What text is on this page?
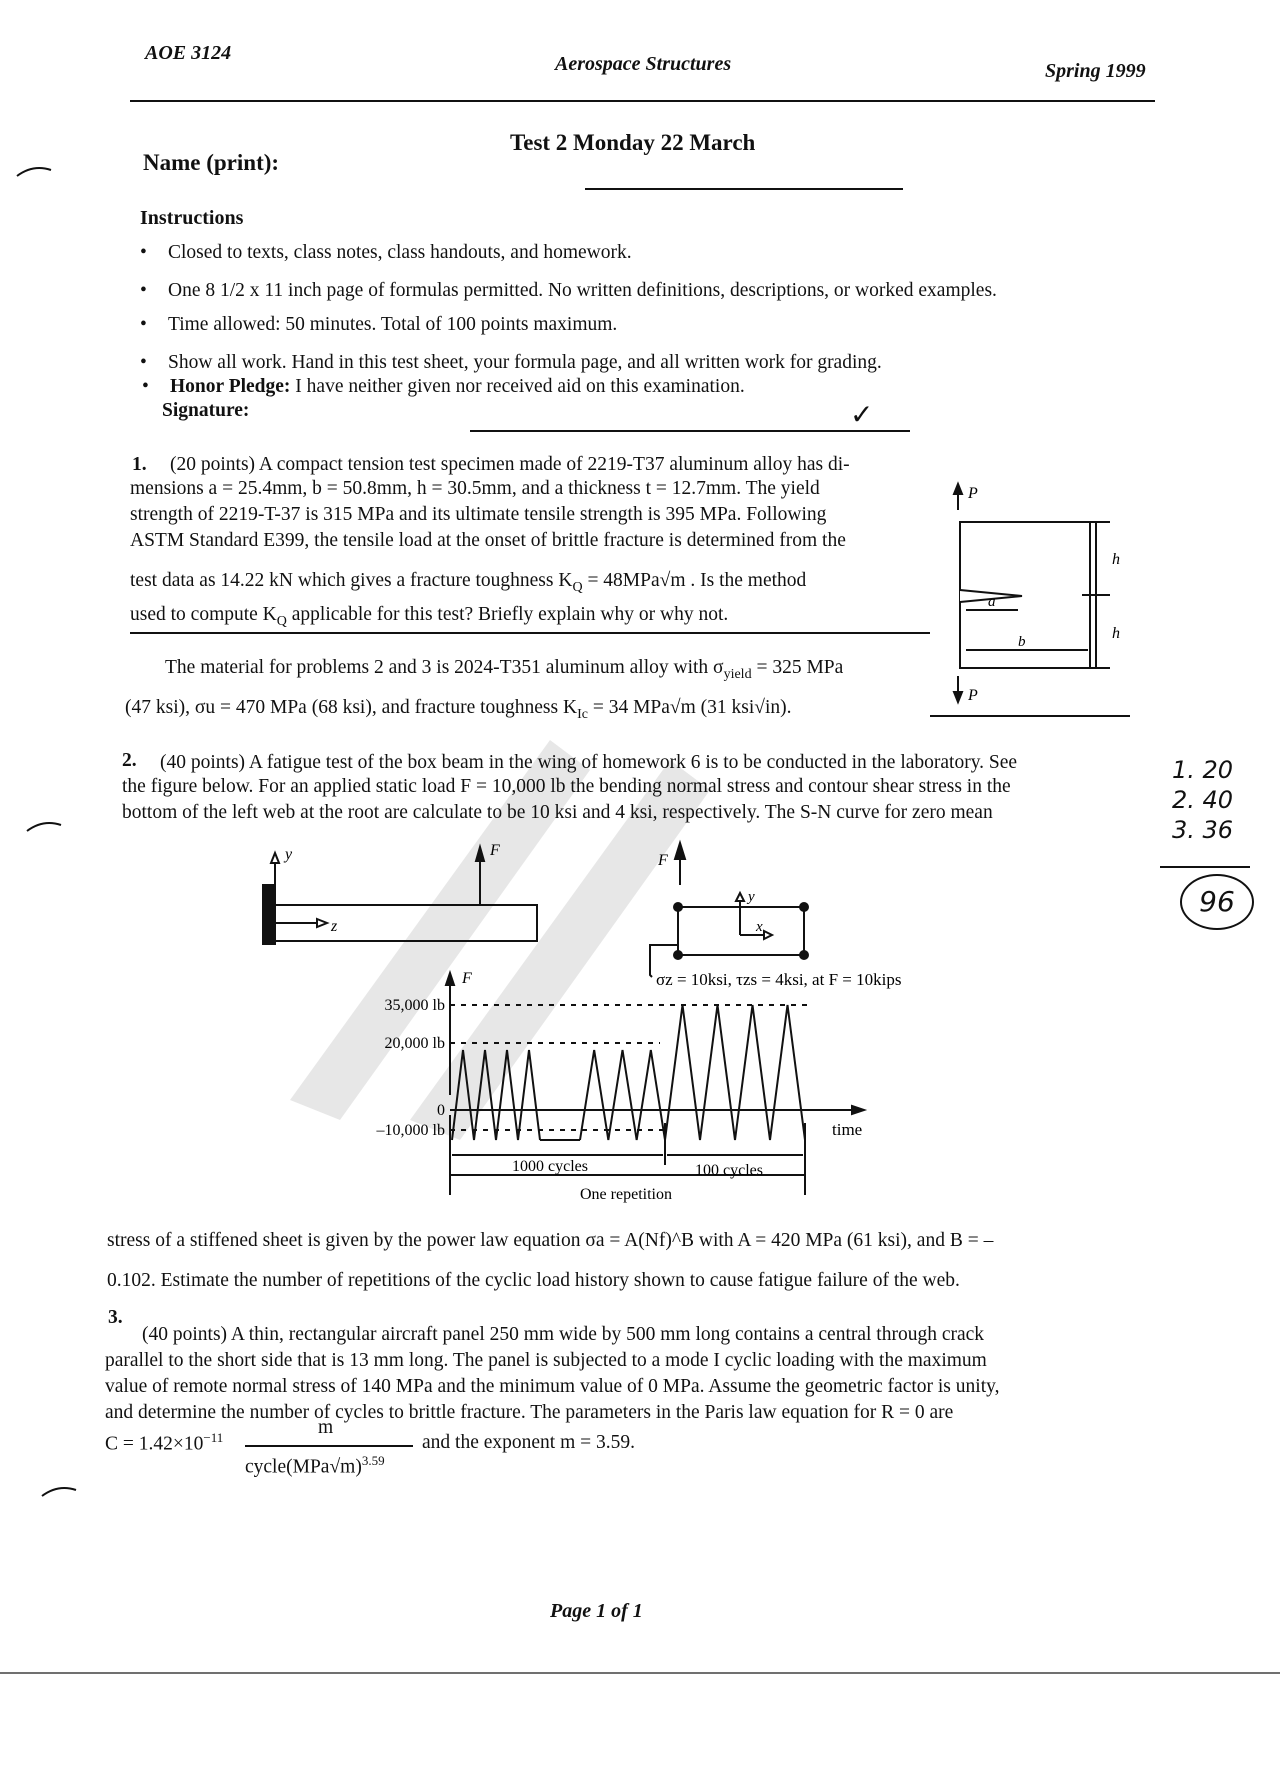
AOE 3124	Aerospace Structures	Spring 1999
Test 2 Monday 22 March
Name (print):
Instructions
• Closed to texts, class notes, class handouts, and homework.
• One 8 1/2 x 11 inch page of formulas permitted. No written definitions, descriptions, or worked examples.
• Time allowed: 50 minutes. Total of 100 points maximum.
• Show all work. Hand in this test sheet, your formula page, and all written work for grading.
• Honor Pledge: I have neither given nor received aid on this examination.
Signature:	✓
1. (20 points) A compact tension test specimen made of 2219-T37 aluminum alloy has di-
mensions a = 25.4mm, b = 50.8mm, h = 30.5mm, and a thickness t = 12.7mm. The yield
strength of 2219-T-37 is 315 MPa and its ultimate tensile strength is 395 MPa. Following
ASTM Standard E399, the tensile load at the onset of brittle fracture is determined from the
test data as 14.22 kN which gives a fracture toughness $K_Q = 48MPa√m$ . Is the method
used to compute $K_Q$ applicable for this test? Briefly explain why or why not.
P
P
h
h
a
b
The material for problems 2 and 3 is 2024-T351 aluminum alloy with $\sigma_{yield} = 325$ MPa
(47 ksi), σu = 470 MPa (68 ksi), and fracture toughness $K_{Ic} = 34$ MPa√m (31 ksi√in).
2. (40 points) A fatigue test of the box beam in the wing of homework 6 is to be conducted in the laboratory. See
the figure below. For an applied static load F = 10,000 lb the bending normal stress and contour shear stress in the
bottom of the left web at the root are calculate to be 10 ksi and 4 ksi, respectively. The S-N curve for zero mean
y
z
F
F
y
x
σz = 10ksi, τzs = 4ksi, at F = 10kips
35,000 lb
20,000 lb
0
–10,000 lb
F
time
1000 cycles	100 cycles
One repetition
stress of a stiffened sheet is given by the power law equation σa = A(Nf)^B with A = 420 MPa (61 ksi), and B = –
0.102. Estimate the number of repetitions of the cyclic load history shown to cause fatigue failure of the web.
3.
(40 points) A thin, rectangular aircraft panel 250 mm wide by 500 mm long contains a central through crack
parallel to the short side that is 13 mm long. The panel is subjected to a mode I cyclic loading with the maximum
value of remote normal stress of 140 MPa and the minimum value of 0 MPa. Assume the geometric factor is unity,
and determine the number of cycles to brittle fracture. The parameters in the Paris law equation for R = 0 are
$C = 1.42\times 10^{-11}$	m
$cycle(MPa√m)^{3.59}$
and the exponent m = 3.59.
1. 20
2. 40
3. 36
96
Page 1 of 1
